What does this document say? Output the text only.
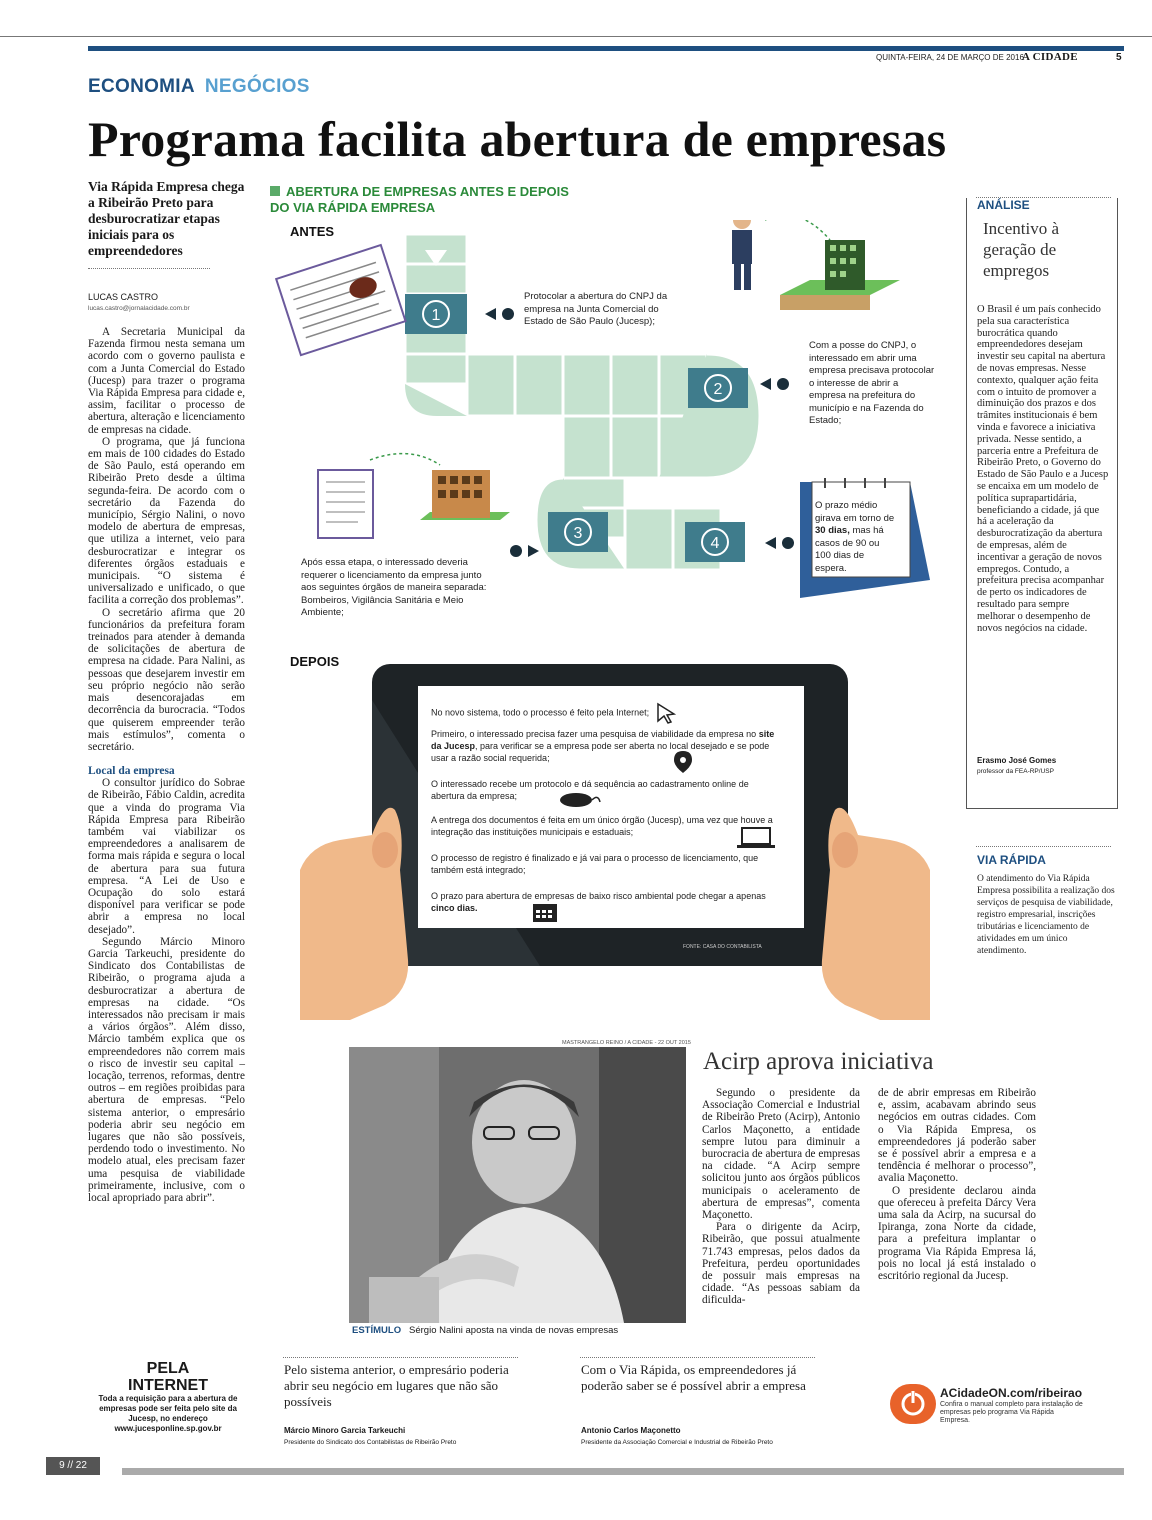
QUINTA-FEIRA, 24 DE MARÇO DE 2016
A CIDADE	5
ECONOMIA NEGÓCIOS
Programa facilita abertura de empresas
Via Rápida Empresa chega a Ribeirão Preto para desburocratizar etapas iniciais para os empreendedores
LUCAS CASTRO
lucas.castro@jornalacidade.com.br

A Secretaria Municipal da Fazenda firmou nesta semana um acordo com o governo paulista e com a Junta Comercial do Estado (Jucesp) para trazer o programa Via Rápida Empresa para cidade e, assim, facilitar o processo de abertura, alteração e licenciamento de empresas na cidade.

O programa, que já funciona em mais de 100 cidades do Estado de São Paulo, está operando em Ribeirão Preto desde a última segunda-feira. De acordo com o secretário da Fazenda do município, Sérgio Nalini, o novo modelo de abertura de empresas, que utiliza a internet, veio para desburocratizar e integrar os diferentes órgãos estaduais e municipais. “O sistema é universalizado e unificado, o que facilita a correção dos problemas”.

O secretário afirma que 20 funcionários da prefeitura foram treinados para atender à demanda de solicitações de abertura de empresa na cidade. Para Nalini, as pessoas que desejarem investir em seu próprio negócio não serão mais desencorajadas em decorrência da burocracia. “Todos que quiserem empreender terão mais estímulos”, comenta o secretário.

Local da empresa

O consultor jurídico do Sobrae de Ribeirão, Fábio Caldin, acredita que a vinda do programa Via Rápida Empresa para Ribeirão também vai viabilizar os empreendedores a analisarem de forma mais rápida e segura o local de abertura para sua futura empresa. “A Lei de Uso e Ocupação do solo estará disponível para verificar se pode abrir a empresa no local desejado”.

Segundo Márcio Minoro Garcia Tarkeuchi, presidente do Sindicato dos Contabilistas de Ribeirão, o programa ajuda a desburocratizar a abertura de empresas na cidade. “Os interessados não precisam ir mais a vários órgãos”. Além disso, Márcio também explica que os empreendedores não correm mais o risco de investir seu capital – locação, terrenos, reformas, dentre outros – em regiões proibidas para abertura de empresas. “Pelo sistema anterior, o empresário poderia abrir seu negócio em lugares que não são possíveis, perdendo todo o investimento. No modelo atual, eles precisam fazer uma pesquisa de viabilidade primeiramente, inclusive, com o local apropriado para abrir”.

ABERTURA DE EMPRESAS ANTES E DEPOIS
DO VIA RÁPIDA EMPRESA
ANTES
1
2
3
4
Protocolar a abertura do CNPJ da empresa na Junta Comercial do Estado de São Paulo (Jucesp);
Com a posse do CNPJ, o interessado em abrir uma empresa precisava protocolar o interesse de abrir a empresa na prefeitura do município e na Fazenda do Estado;
Após essa etapa, o interessado deveria requerer o licenciamento da empresa junto aos seguintes órgãos de maneira separada: Bombeiros, Vigilância Sanitária e Meio Ambiente;
O prazo médio girava em torno de 30 dias, mas há casos de 90 ou 100 dias de espera.
DEPOIS
No novo sistema, todo o processo é feito pela Internet;
Primeiro, o interessado precisa fazer uma pesquisa de viabilidade da empresa no site da Jucesp, para verificar se a empresa pode ser aberta no local desejado e se pode usar a razão social requerida;
O interessado recebe um protocolo e dá sequência ao cadastramento online de abertura da empresa;
A entrega dos documentos é feita em um único órgão (Jucesp), uma vez que houve a integração das instituições municipais e estaduais;
O processo de registro é finalizado e já vai para o processo de licenciamento, que também está integrado;
O prazo para abertura de empresas de baixo risco ambiental pode chegar a apenas cinco dias.
FONTE: CASA DO CONTABILISTA
ANÁLISE
Incentivo à geração de empregos
O Brasil é um país conhecido pela sua característica burocrática quando empreendedores desejam investir seu capital na abertura de novas empresas. Nesse contexto, qualquer ação feita com o intuito de promover a diminuição dos prazos e dos trâmites institucionais é bem vinda e favorece a iniciativa privada. Nesse sentido, a parceria entre a Prefeitura de Ribeirão Preto, o Governo do Estado de São Paulo e a Jucesp se encaixa em um modelo de política suprapartidária, beneficiando a cidade, já que há a aceleração da desburocratização da abertura de empresas, além de incentivar a geração de novos empregos. Contudo, a prefeitura precisa acompanhar de perto os indicadores de resultado para sempre melhorar o desempenho de novos negócios na cidade.
Erasmo José Gomes
professor da FEA-RP/USP
VIA RÁPIDA
O atendimento do Via Rápida Empresa possibilita a realização dos serviços de pesquisa de viabilidade, registro empresarial, inscrições tributárias e licenciamento de atividades em um único atendimento.
MASTRANGELO REINO / A CIDADE - 22 OUT 2015
ESTÍMULO Sérgio Nalini aposta na vinda de novas empresas
Acirp aprova iniciativa

Segundo o presidente da Associação Comercial e Industrial de Ribeirão Preto (Acirp), Antonio Carlos Maçonetto, a entidade sempre lutou para diminuir a burocracia de abertura de empresas na cidade. “A Acirp sempre solicitou junto aos órgãos públicos municipais o aceleramento de abertura de empresas”, comenta Maçonetto.

Para o dirigente da Acirp, Ribeirão, que possui atualmente 71.743 empresas, pelos dados da Prefeitura, perdeu oportunidades de possuir mais empresas na cidade. “As pessoas sabiam da dificulda-

de de abrir empresas em Ribeirão e, assim, acabavam abrindo seus negócios em outras cidades. Com o Via Rápida Empresa, os empreendedores já poderão saber se é possível abrir a empresa e a tendência é melhorar o processo”, avalia Maçonetto.

O presidente declarou ainda que ofereceu à prefeita Dárcy Vera uma sala da Acirp, na sucursal do Ipiranga, zona Norte da cidade, para a prefeitura implantar o programa Via Rápida Empresa lá, pois no local já está instalado o escritório regional da Jucesp.

PELA
INTERNET
Toda a requisição para a abertura de empresas pode ser feita pelo site da Jucesp, no endereço www.jucesponline.sp.gov.br
Pelo sistema anterior, o empresário poderia abrir seu negócio em lugares que não são possíveis
Márcio Minoro Garcia Tarkeuchi
Presidente do Sindicato dos Contabilistas de Ribeirão Preto
Com o Via Rápida, os empreendedores já poderão saber se é possível abrir a empresa
Antonio Carlos Maçonetto
Presidente da Associação Comercial e Industrial de Ribeirão Preto
ACidadeON.com/ribeirao
Confira o manual completo para instalação de empresas pelo programa Via Rápida Empresa.
9 // 22
